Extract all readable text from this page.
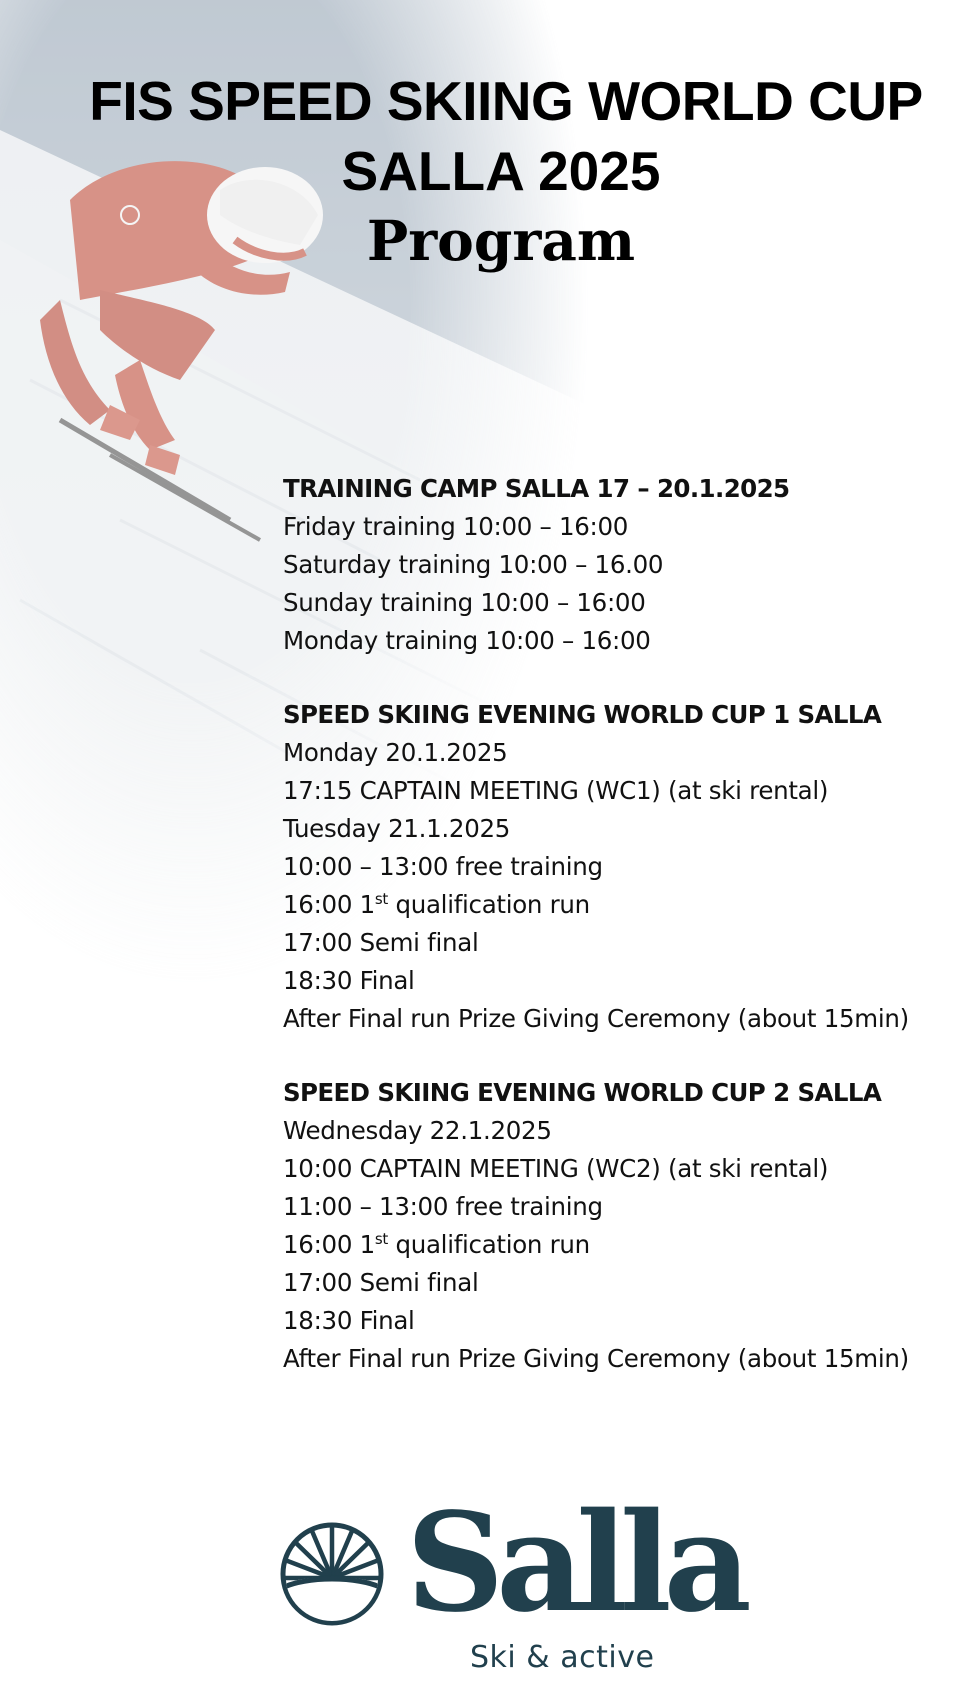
FIS SPEED SKIING WORLD CUP
SALLA 2025
Program
TRAINING CAMP SALLA 17 – 20.1.2025
Friday training 10:00 – 16:00
Saturday training 10:00 – 16.00
Sunday training 10:00 – 16:00
Monday training 10:00 – 16:00
SPEED SKIING EVENING WORLD CUP 1 SALLA
Monday 20.1.2025
17:15 CAPTAIN MEETING (WC1) (at ski rental)
Tuesday 21.1.2025
10:00 – 13:00 free training
16:00 1st qualification run
17:00 Semi final
18:30 Final
After Final run Prize Giving Ceremony (about 15min)
SPEED SKIING EVENING WORLD CUP 2 SALLA
Wednesday 22.1.2025
10:00 CAPTAIN MEETING (WC2) (at ski rental)
11:00 – 13:00 free training
16:00 1st qualification run
17:00 Semi final
18:30 Final
After Final run Prize Giving Ceremony (about 15min)
Salla
Ski & active
